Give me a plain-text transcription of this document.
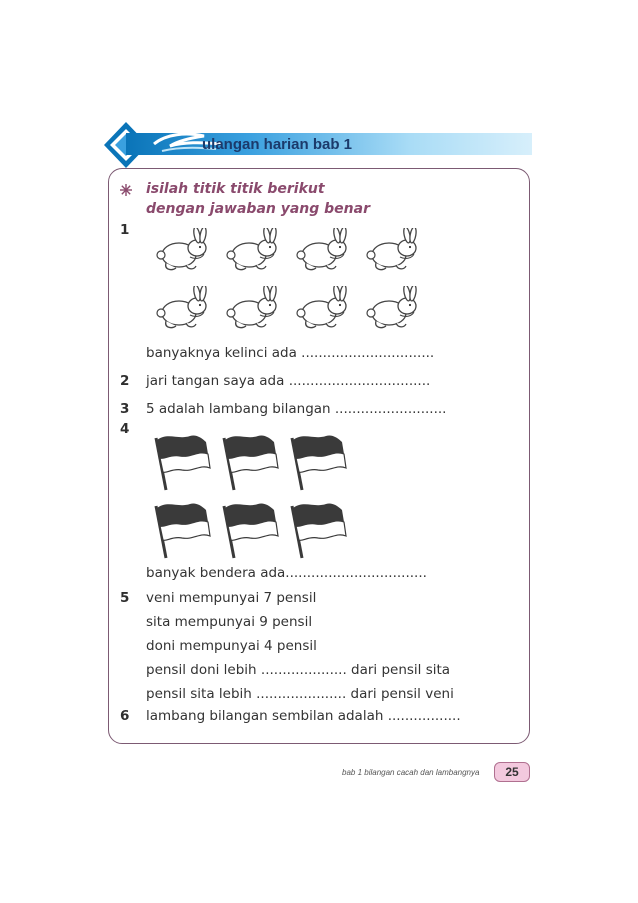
ulangan harian bab 1
isilah titik titik berikut
dengan jawaban yang benar
1
2
3
4
5
6
banyaknya kelinci ada ...............................
jari tangan saya ada .................................
5 adalah lambang bilangan ..........................
banyak bendera ada.................................
veni mempunyai 7 pensil
sita mempunyai 9 pensil
doni mempunyai 4 pensil
pensil doni lebih .................... dari pensil sita
pensil sita lebih ..................... dari pensil veni
lambang bilangan sembilan adalah .................
bab 1 bilangan cacah dan lambangnya	25
